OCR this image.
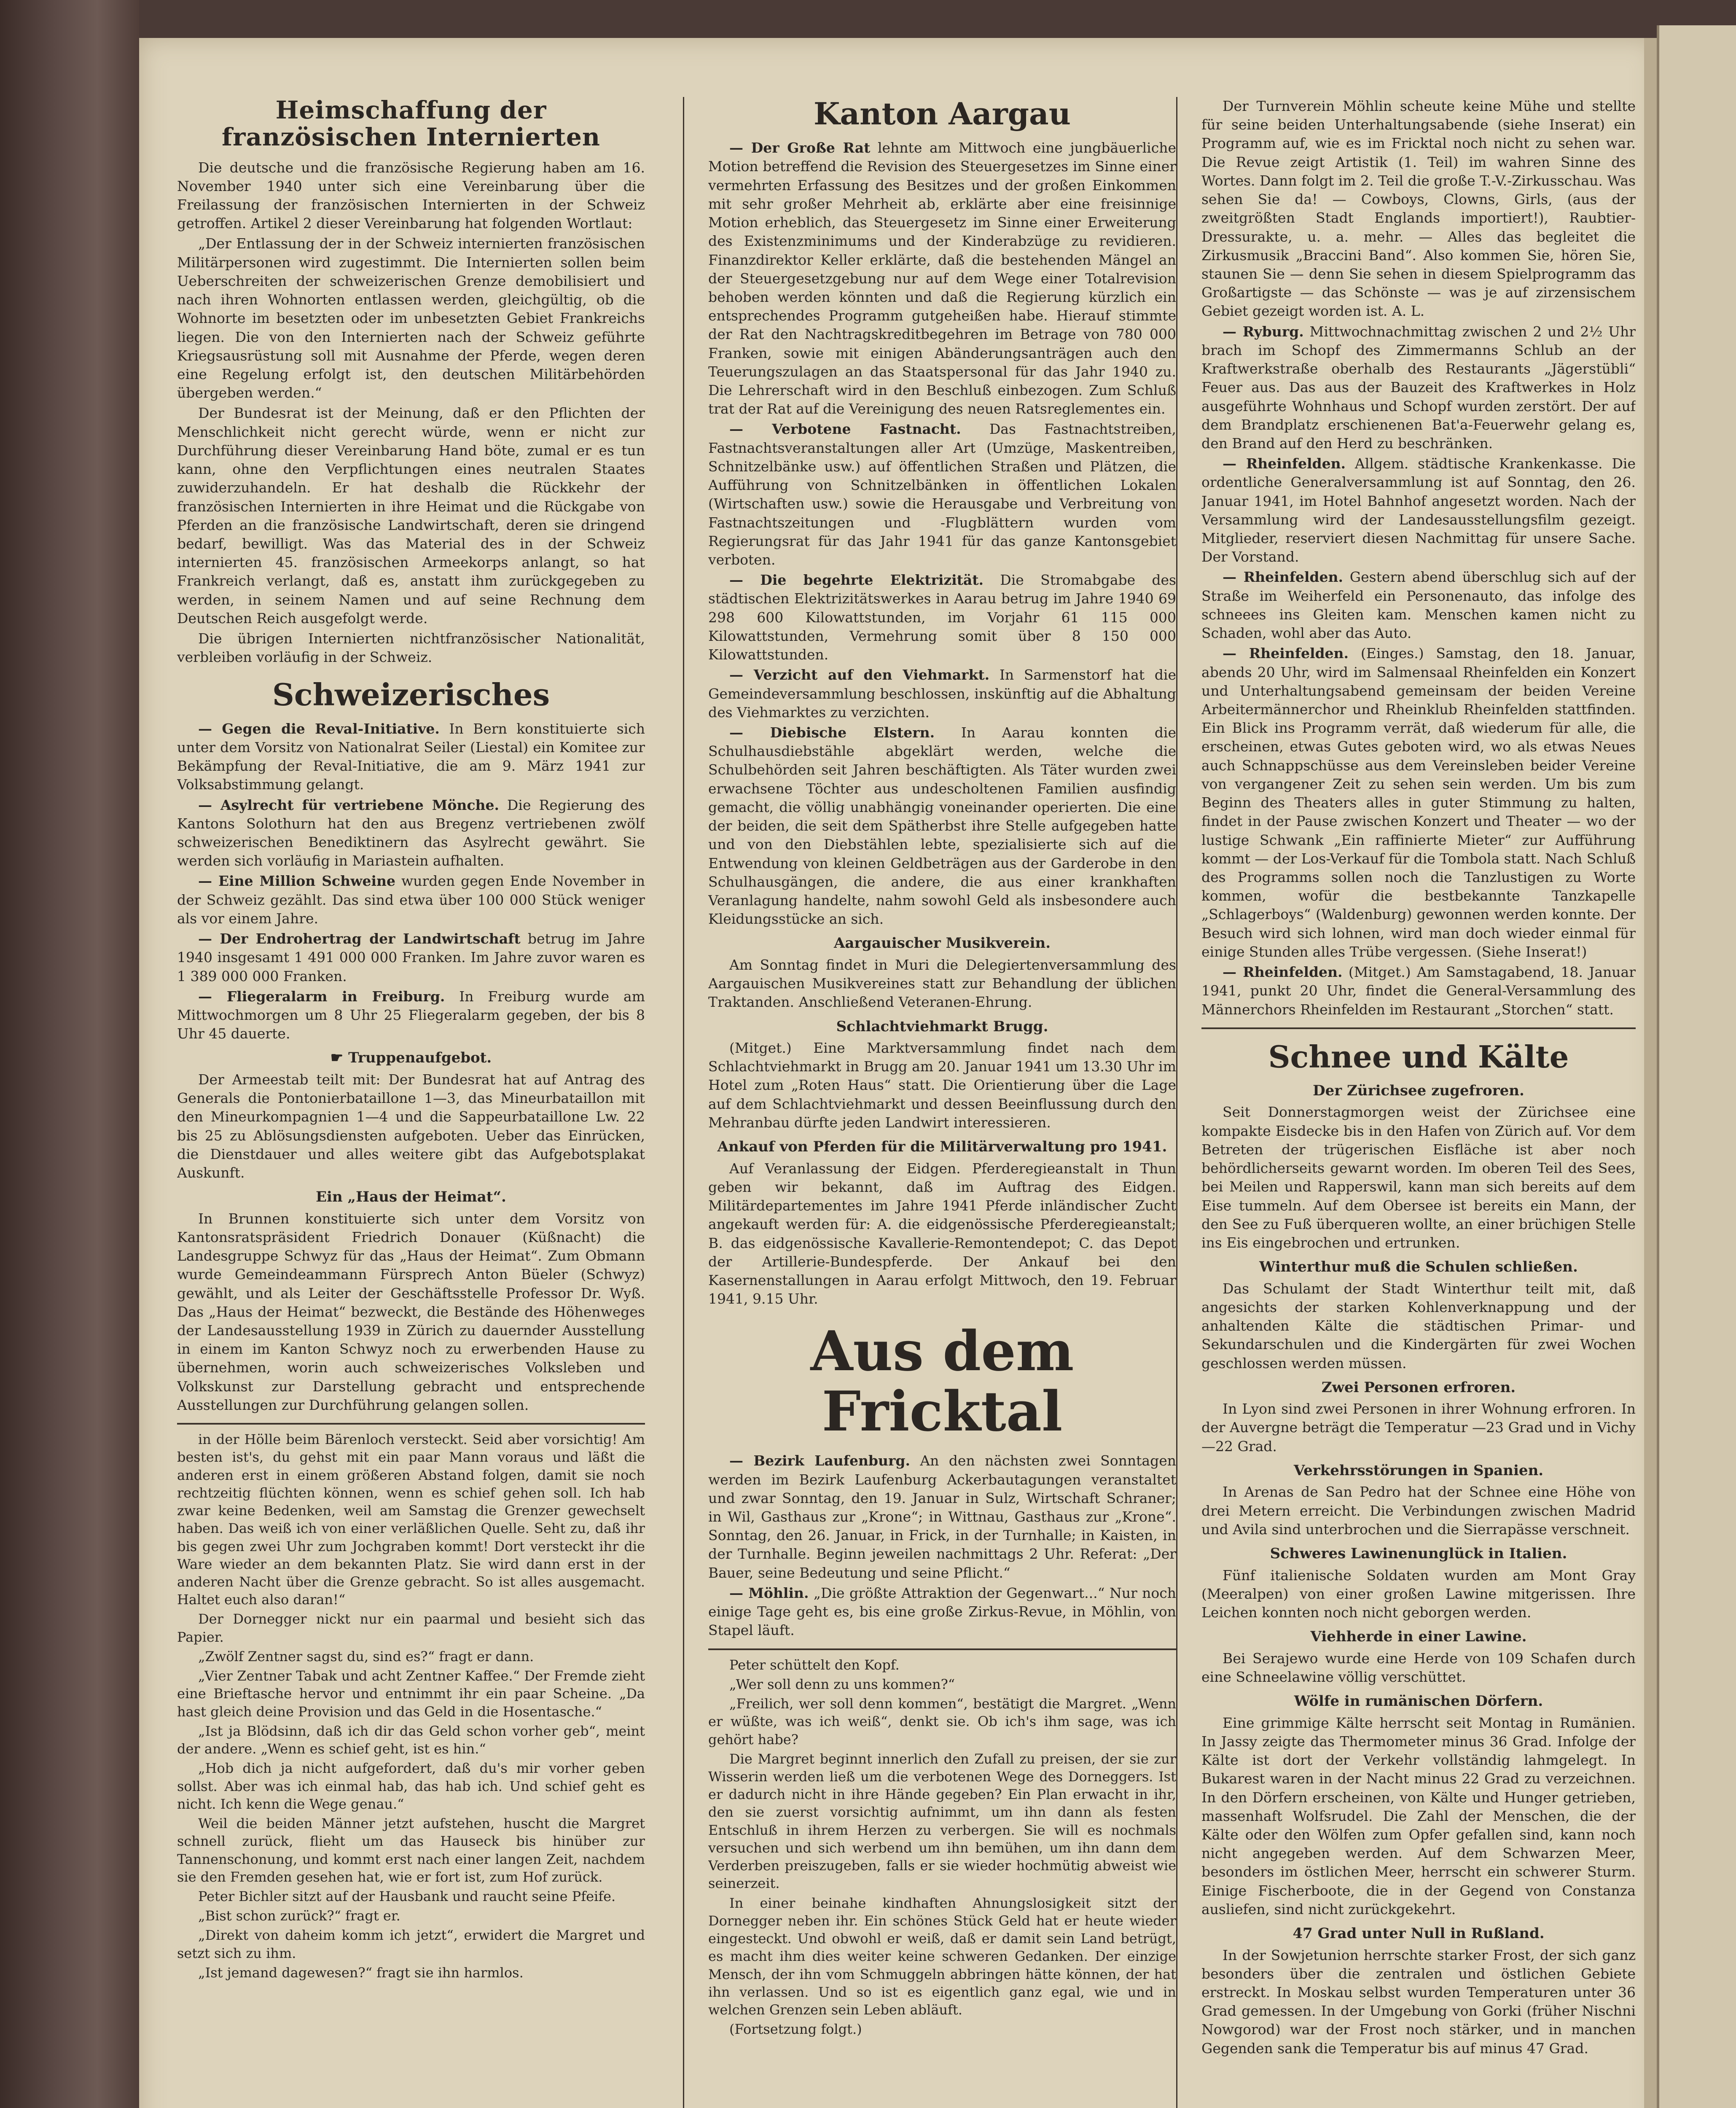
Heimschaffung der französischen Internierten

Die deutsche und die französische Regierung haben am 16. November 1940 unter sich eine Vereinbarung über die Freilassung der französischen Internierten in der Schweiz getroffen. Artikel 2 dieser Vereinbarung hat folgenden Wortlaut:

„Der Entlassung der in der Schweiz internierten französischen Militärpersonen wird zugestimmt. Die Internierten sollen beim Ueberschreiten der schweizerischen Grenze demobilisiert und nach ihren Wohnorten entlassen werden, gleichgültig, ob die Wohnorte im besetzten oder im unbesetzten Gebiet Frankreichs liegen. Die von den Internierten nach der Schweiz geführte Kriegsausrüstung soll mit Ausnahme der Pferde, wegen deren eine Regelung erfolgt ist, den deutschen Militärbehörden übergeben werden.“

Der Bundesrat ist der Meinung, daß er den Pflichten der Menschlichkeit nicht gerecht würde, wenn er nicht zur Durchführung dieser Vereinbarung Hand böte, zumal er es tun kann, ohne den Verpflichtungen eines neutralen Staates zuwiderzuhandeln. Er hat deshalb die Rückkehr der französischen Internierten in ihre Heimat und die Rückgabe von Pferden an die französische Landwirtschaft, deren sie dringend bedarf, bewilligt. Was das Material des in der Schweiz internierten 45. französischen Armeekorps anlangt, so hat Frankreich verlangt, daß es, anstatt ihm zurückgegeben zu werden, in seinem Namen und auf seine Rechnung dem Deutschen Reich ausgefolgt werde.

Die übrigen Internierten nichtfranzösischer Nationalität, verbleiben vorläufig in der Schweiz.

Schweizerisches

— Gegen die Reval-Initiative. In Bern konstituierte sich unter dem Vorsitz von Nationalrat Seiler (Liestal) ein Komitee zur Bekämpfung der Reval-Initiative, die am 9. März 1941 zur Volksabstimmung gelangt.

— Asylrecht für vertriebene Mönche. Die Regierung des Kantons Solothurn hat den aus Bregenz vertriebenen zwölf schweizerischen Benediktinern das Asylrecht gewährt. Sie werden sich vorläufig in Mariastein aufhalten.

— Eine Million Schweine wurden gegen Ende November in der Schweiz gezählt. Das sind etwa über 100 000 Stück weniger als vor einem Jahre.

— Der Endrohertrag der Landwirtschaft betrug im Jahre 1940 insgesamt 1 491 000 000 Franken. Im Jahre zuvor waren es 1 389 000 000 Franken.

— Fliegeralarm in Freiburg. In Freiburg wurde am Mittwochmorgen um 8 Uhr 25 Fliegeralarm gegeben, der bis 8 Uhr 45 dauerte.

☛ Truppenaufgebot.

Der Armeestab teilt mit: Der Bundesrat hat auf Antrag des Generals die Pontonierbataillone 1—3, das Mineurbataillon mit den Mineurkompagnien 1—4 und die Sappeurbataillone Lw. 22 bis 25 zu Ablösungsdiensten aufgeboten. Ueber das Einrücken, die Dienstdauer und alles weitere gibt das Aufgebotsplakat Auskunft.

Ein „Haus der Heimat“.

In Brunnen konstituierte sich unter dem Vorsitz von Kantonsratspräsident Friedrich Donauer (Küßnacht) die Landesgruppe Schwyz für das „Haus der Heimat“. Zum Obmann wurde Gemeindeammann Fürsprech Anton Büeler (Schwyz) gewählt, und als Leiter der Geschäftsstelle Professor Dr. Wyß. Das „Haus der Heimat“ bezweckt, die Bestände des Höhenweges der Landesausstellung 1939 in Zürich zu dauernder Ausstellung in einem im Kanton Schwyz noch zu erwerbenden Hause zu übernehmen, worin auch schweizerisches Volksleben und Volkskunst zur Darstellung gebracht und entsprechende Ausstellungen zur Durchführung gelangen sollen.

in der Hölle beim Bärenloch versteckt. Seid aber vorsichtig! Am besten ist's, du gehst mit ein paar Mann voraus und läßt die anderen erst in einem größeren Abstand folgen, damit sie noch rechtzeitig flüchten können, wenn es schief gehen soll. Ich hab zwar keine Bedenken, weil am Samstag die Grenzer gewechselt haben. Das weiß ich von einer verläßlichen Quelle. Seht zu, daß ihr bis gegen zwei Uhr zum Jochgraben kommt! Dort versteckt ihr die Ware wieder an dem bekannten Platz. Sie wird dann erst in der anderen Nacht über die Grenze gebracht. So ist alles ausgemacht. Haltet euch also daran!“

Der Dornegger nickt nur ein paarmal und besieht sich das Papier.

„Zwölf Zentner sagst du, sind es?“ fragt er dann.

„Vier Zentner Tabak und acht Zentner Kaffee.“ Der Fremde zieht eine Brieftasche hervor und entnimmt ihr ein paar Scheine. „Da hast gleich deine Provision und das Geld in die Hosentasche.“

„Ist ja Blödsinn, daß ich dir das Geld schon vorher geb“, meint der andere. „Wenn es schief geht, ist es hin.“

„Hob dich ja nicht aufgefordert, daß du's mir vorher geben sollst. Aber was ich einmal hab, das hab ich. Und schief geht es nicht. Ich kenn die Wege genau.“

Weil die beiden Männer jetzt aufstehen, huscht die Margret schnell zurück, flieht um das Hauseck bis hinüber zur Tannenschonung, und kommt erst nach einer langen Zeit, nachdem sie den Fremden gesehen hat, wie er fort ist, zum Hof zurück.

Peter Bichler sitzt auf der Hausbank und raucht seine Pfeife.

„Bist schon zurück?“ fragt er.

„Direkt von daheim komm ich jetzt“, erwidert die Margret und setzt sich zu ihm.

„Ist jemand dagewesen?“ fragt sie ihn harmlos.

Kanton Aargau

— Der Große Rat lehnte am Mittwoch eine jungbäuerliche Motion betreffend die Revision des Steuergesetzes im Sinne einer vermehrten Erfassung des Besitzes und der großen Einkommen mit sehr großer Mehrheit ab, erklärte aber eine freisinnige Motion erheblich, das Steuergesetz im Sinne einer Erweiterung des Existenzminimums und der Kinderabzüge zu revidieren. Finanzdirektor Keller erklärte, daß die bestehenden Mängel an der Steuergesetzgebung nur auf dem Wege einer Totalrevision behoben werden könnten und daß die Regierung kürzlich ein entsprechendes Programm gutgeheißen habe. Hierauf stimmte der Rat den Nachtragskreditbegehren im Betrage von 780 000 Franken, sowie mit einigen Abänderungsanträgen auch den Teuerungszulagen an das Staatspersonal für das Jahr 1940 zu. Die Lehrerschaft wird in den Beschluß einbezogen. Zum Schluß trat der Rat auf die Vereinigung des neuen Ratsreglementes ein.

— Verbotene Fastnacht. Das Fastnachtstreiben, Fastnachtsveranstaltungen aller Art (Umzüge, Maskentreiben, Schnitzelbänke usw.) auf öffentlichen Straßen und Plätzen, die Aufführung von Schnitzelbänken in öffentlichen Lokalen (Wirtschaften usw.) sowie die Herausgabe und Verbreitung von Fastnachtszeitungen und -Flugblättern wurden vom Regierungsrat für das Jahr 1941 für das ganze Kantonsgebiet verboten.

— Die begehrte Elektrizität. Die Stromabgabe des städtischen Elektrizitätswerkes in Aarau betrug im Jahre 1940 69 298 600 Kilowattstunden, im Vorjahr 61 115 000 Kilowattstunden, Vermehrung somit über 8 150 000 Kilowattstunden.

— Verzicht auf den Viehmarkt. In Sarmenstorf hat die Gemeindeversammlung beschlossen, inskünftig auf die Abhaltung des Viehmarktes zu verzichten.

— Diebische Elstern. In Aarau konnten die Schulhausdiebstähle abgeklärt werden, welche die Schulbehörden seit Jahren beschäftigten. Als Täter wurden zwei erwachsene Töchter aus undescholtenen Familien ausfindig gemacht, die völlig unabhängig voneinander operierten. Die eine der beiden, die seit dem Spätherbst ihre Stelle aufgegeben hatte und von den Diebstählen lebte, spezialisierte sich auf die Entwendung von kleinen Geldbeträgen aus der Garderobe in den Schulhausgängen, die andere, die aus einer krankhaften Veranlagung handelte, nahm sowohl Geld als insbesondere auch Kleidungsstücke an sich.

Aargauischer Musikverein.

Am Sonntag findet in Muri die Delegiertenversammlung des Aargauischen Musikvereines statt zur Behandlung der üblichen Traktanden. Anschließend Veteranen-Ehrung.

Schlachtviehmarkt Brugg.

(Mitget.) Eine Marktversammlung findet nach dem Schlachtviehmarkt in Brugg am 20. Januar 1941 um 13.30 Uhr im Hotel zum „Roten Haus“ statt. Die Orientierung über die Lage auf dem Schlachtviehmarkt und dessen Beeinflussung durch den Mehranbau dürfte jeden Landwirt interessieren.

Ankauf von Pferden für die Militärverwaltung pro 1941.

Auf Veranlassung der Eidgen. Pferderegieanstalt in Thun geben wir bekannt, daß im Auftrag des Eidgen. Militärdepartementes im Jahre 1941 Pferde inländischer Zucht angekauft werden für: A. die eidgenössische Pferderegieanstalt; B. das eidgenössische Kavallerie-Remontendepot; C. das Depot der Artillerie-Bundespferde. Der Ankauf bei den Kasernenstallungen in Aarau erfolgt Mittwoch, den 19. Februar 1941, 9.15 Uhr.

Aus dem Fricktal

— Bezirk Laufenburg. An den nächsten zwei Sonntagen werden im Bezirk Laufenburg Ackerbautagungen veranstaltet und zwar Sonntag, den 19. Januar in Sulz, Wirtschaft Schraner; in Wil, Gasthaus zur „Krone“; in Wittnau, Gasthaus zur „Krone“. Sonntag, den 26. Januar, in Frick, in der Turnhalle; in Kaisten, in der Turnhalle. Beginn jeweilen nachmittags 2 Uhr. Referat: „Der Bauer, seine Bedeutung und seine Pflicht.“

— Möhlin. „Die größte Attraktion der Gegenwart...“ Nur noch einige Tage geht es, bis eine große Zirkus-Revue, in Möhlin, von Stapel läuft.

Peter schüttelt den Kopf.

„Wer soll denn zu uns kommen?“

„Freilich, wer soll denn kommen“, bestätigt die Margret. „Wenn er wüßte, was ich weiß“, denkt sie. Ob ich's ihm sage, was ich gehört habe?

Die Margret beginnt innerlich den Zufall zu preisen, der sie zur Wisserin werden ließ um die verbotenen Wege des Dorneggers. Ist er dadurch nicht in ihre Hände gegeben? Ein Plan erwacht in ihr, den sie zuerst vorsichtig aufnimmt, um ihn dann als festen Entschluß in ihrem Herzen zu verbergen. Sie will es nochmals versuchen und sich werbend um ihn bemühen, um ihn dann dem Verderben preiszugeben, falls er sie wieder hochmütig abweist wie seinerzeit.

In einer beinahe kindhaften Ahnungslosigkeit sitzt der Dornegger neben ihr. Ein schönes Stück Geld hat er heute wieder eingesteckt. Und obwohl er weiß, daß er damit sein Land betrügt, es macht ihm dies weiter keine schweren Gedanken. Der einzige Mensch, der ihn vom Schmuggeln abbringen hätte können, der hat ihn verlassen. Und so ist es eigentlich ganz egal, wie und in welchen Grenzen sein Leben abläuft.

(Fortsetzung folgt.)

Der Turnverein Möhlin scheute keine Mühe und stellte für seine beiden Unterhaltungsabende (siehe Inserat) ein Programm auf, wie es im Fricktal noch nicht zu sehen war. Die Revue zeigt Artistik (1. Teil) im wahren Sinne des Wortes. Dann folgt im 2. Teil die große T.-V.-Zirkusschau. Was sehen Sie da! — Cowboys, Clowns, Girls, (aus der zweitgrößten Stadt Englands importiert!), Raubtier-Dressurakte, u. a. mehr. — Alles das begleitet die Zirkusmusik „Braccini Band“. Also kommen Sie, hören Sie, staunen Sie — denn Sie sehen in diesem Spielprogramm das Großartigste — das Schönste — was je auf zirzensischem Gebiet gezeigt worden ist. A. L.

— Ryburg. Mittwochnachmittag zwischen 2 und 2½ Uhr brach im Schopf des Zimmermanns Schlub an der Kraftwerkstraße oberhalb des Restaurants „Jägerstübli“ Feuer aus. Das aus der Bauzeit des Kraftwerkes in Holz ausgeführte Wohnhaus und Schopf wurden zerstört. Der auf dem Brandplatz erschienenen Bat'a-Feuerwehr gelang es, den Brand auf den Herd zu beschränken.

— Rheinfelden. Allgem. städtische Krankenkasse. Die ordentliche Generalversammlung ist auf Sonntag, den 26. Januar 1941, im Hotel Bahnhof angesetzt worden. Nach der Versammlung wird der Landesausstellungsfilm gezeigt. Mitglieder, reserviert diesen Nachmittag für unsere Sache. Der Vorstand.

— Rheinfelden. Gestern abend überschlug sich auf der Straße im Weiherfeld ein Personenauto, das infolge des schneees ins Gleiten kam. Menschen kamen nicht zu Schaden, wohl aber das Auto.

— Rheinfelden. (Einges.) Samstag, den 18. Januar, abends 20 Uhr, wird im Salmensaal Rheinfelden ein Konzert und Unterhaltungsabend gemeinsam der beiden Vereine Arbeitermännerchor und Rheinklub Rheinfelden stattfinden. Ein Blick ins Programm verrät, daß wiederum für alle, die erscheinen, etwas Gutes geboten wird, wo als etwas Neues auch Schnappschüsse aus dem Vereinsleben beider Vereine von vergangener Zeit zu sehen sein werden. Um bis zum Beginn des Theaters alles in guter Stimmung zu halten, findet in der Pause zwischen Konzert und Theater — wo der lustige Schwank „Ein raffinierte Mieter“ zur Aufführung kommt — der Los-Verkauf für die Tombola statt. Nach Schluß des Programms sollen noch die Tanzlustigen zu Worte kommen, wofür die bestbekannte Tanzkapelle „Schlagerboys“ (Waldenburg) gewonnen werden konnte. Der Besuch wird sich lohnen, wird man doch wieder einmal für einige Stunden alles Trübe vergessen. (Siehe Inserat!)

— Rheinfelden. (Mitget.) Am Samstagabend, 18. Januar 1941, punkt 20 Uhr, findet die General-Versammlung des Männerchors Rheinfelden im Restaurant „Storchen“ statt.

Schnee und Kälte
Der Zürichsee zugefroren.

Seit Donnerstagmorgen weist der Zürichsee eine kompakte Eisdecke bis in den Hafen von Zürich auf. Vor dem Betreten der trügerischen Eisfläche ist aber noch behördlicherseits gewarnt worden. Im oberen Teil des Sees, bei Meilen und Rapperswil, kann man sich bereits auf dem Eise tummeln. Auf dem Obersee ist bereits ein Mann, der den See zu Fuß überqueren wollte, an einer brüchigen Stelle ins Eis eingebrochen und ertrunken.

Winterthur muß die Schulen schließen.

Das Schulamt der Stadt Winterthur teilt mit, daß angesichts der starken Kohlenverknappung und der anhaltenden Kälte die städtischen Primar- und Sekundarschulen und die Kindergärten für zwei Wochen geschlossen werden müssen.

Zwei Personen erfroren.

In Lyon sind zwei Personen in ihrer Wohnung erfroren. In der Auvergne beträgt die Temperatur —23 Grad und in Vichy —22 Grad.

Verkehrsstörungen in Spanien.

In Arenas de San Pedro hat der Schnee eine Höhe von drei Metern erreicht. Die Verbindungen zwischen Madrid und Avila sind unterbrochen und die Sierrapässe verschneit.

Schweres Lawinenunglück in Italien.

Fünf italienische Soldaten wurden am Mont Gray (Meeralpen) von einer großen Lawine mitgerissen. Ihre Leichen konnten noch nicht geborgen werden.

Viehherde in einer Lawine.

Bei Serajewo wurde eine Herde von 109 Schafen durch eine Schneelawine völlig verschüttet.

Wölfe in rumänischen Dörfern.

Eine grimmige Kälte herrscht seit Montag in Rumänien. In Jassy zeigte das Thermometer minus 36 Grad. Infolge der Kälte ist dort der Verkehr vollständig lahmgelegt. In Bukarest waren in der Nacht minus 22 Grad zu verzeichnen. In den Dörfern erscheinen, von Kälte und Hunger getrieben, massenhaft Wolfsrudel. Die Zahl der Menschen, die der Kälte oder den Wölfen zum Opfer gefallen sind, kann noch nicht angegeben werden. Auf dem Schwarzen Meer, besonders im östlichen Meer, herrscht ein schwerer Sturm. Einige Fischerboote, die in der Gegend von Constanza ausliefen, sind nicht zurückgekehrt.

47 Grad unter Null in Rußland.

In der Sowjetunion herrschte starker Frost, der sich ganz besonders über die zentralen und östlichen Gebiete erstreckt. In Moskau selbst wurden Temperaturen unter 36 Grad gemessen. In der Umgebung von Gorki (früher Nischni Nowgorod) war der Frost noch stärker, und in manchen Gegenden sank die Temperatur bis auf minus 47 Grad.
